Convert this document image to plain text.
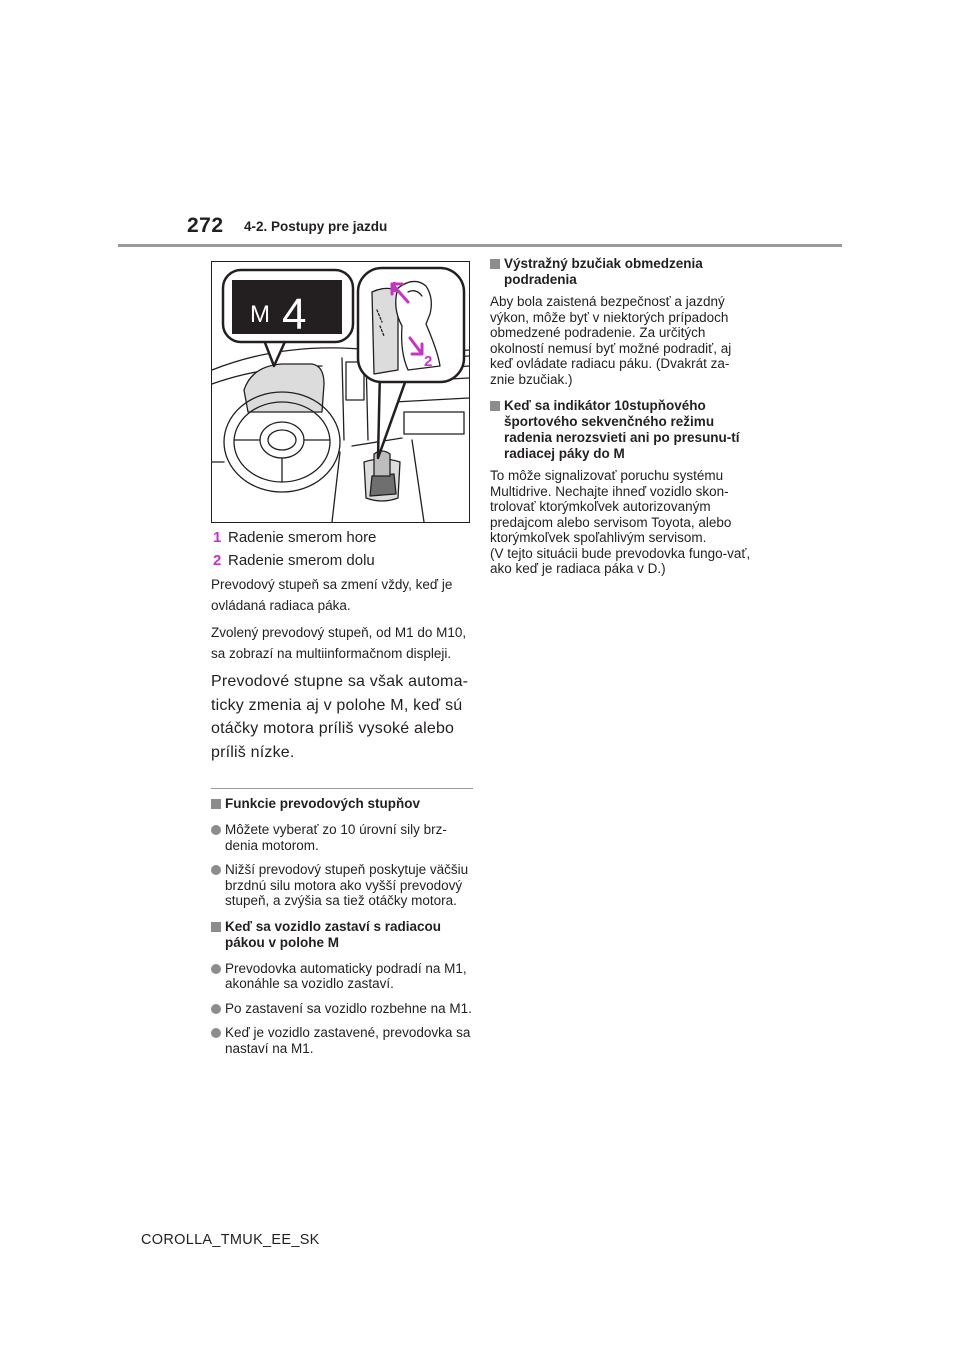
272 4-2. Postupy pre jazdu
M 4
1
2
1 Radenie smerom hore
2 Radenie smerom dolu
Prevodový stupeň sa zmení vždy, keď je ovládaná radiaca páka.
Zvolený prevodový stupeň, od M1 do M10, sa zobrazí na multiinformačnom displeji.
Prevodové stupne sa však automa-ticky zmenia aj v polohe M, keď sú otáčky motora príliš vysoké alebo príliš nízke.
Funkcie prevodových stupňov
Môžete vyberať zo 10 úrovní sily brz-denia motorom.
Nižší prevodový stupeň poskytuje väčšiu brzdnú silu motora ako vyšší prevodový stupeň, a zvýšia sa tiež otáčky motora.
Keď sa vozidlo zastaví s radiacou pákou v polohe M
Prevodovka automaticky podradí na M1, akonáhle sa vozidlo zastaví.
Po zastavení sa vozidlo rozbehne na M1.
Keď je vozidlo zastavené, prevodovka sa nastaví na M1.
Výstražný bzučiak obmedzenia podradenia
Aby bola zaistená bezpečnosť a jazdný výkon, môže byť v niektorých prípadoch obmedzené podradenie. Za určitých okolností nemusí byť možné podradiť, aj keď ovládate radiacu páku. (Dvakrát za-znie bzučiak.)
Keď sa indikátor 10stupňového športového sekvenčného režimu radenia nerozsvieti ani po presunu-tí radiacej páky do M
To môže signalizovať poruchu systému Multidrive. Nechajte ihneď vozidlo skon-trolovať ktorýmkoľvek autorizovaným predajcom alebo servisom Toyota, alebo ktorýmkoľvek spoľahlivým servisom.
(V tejto situácii bude prevodovka fungo-vať, ako keď je radiaca páka v D.)
COROLLA_TMUK_EE_SK
